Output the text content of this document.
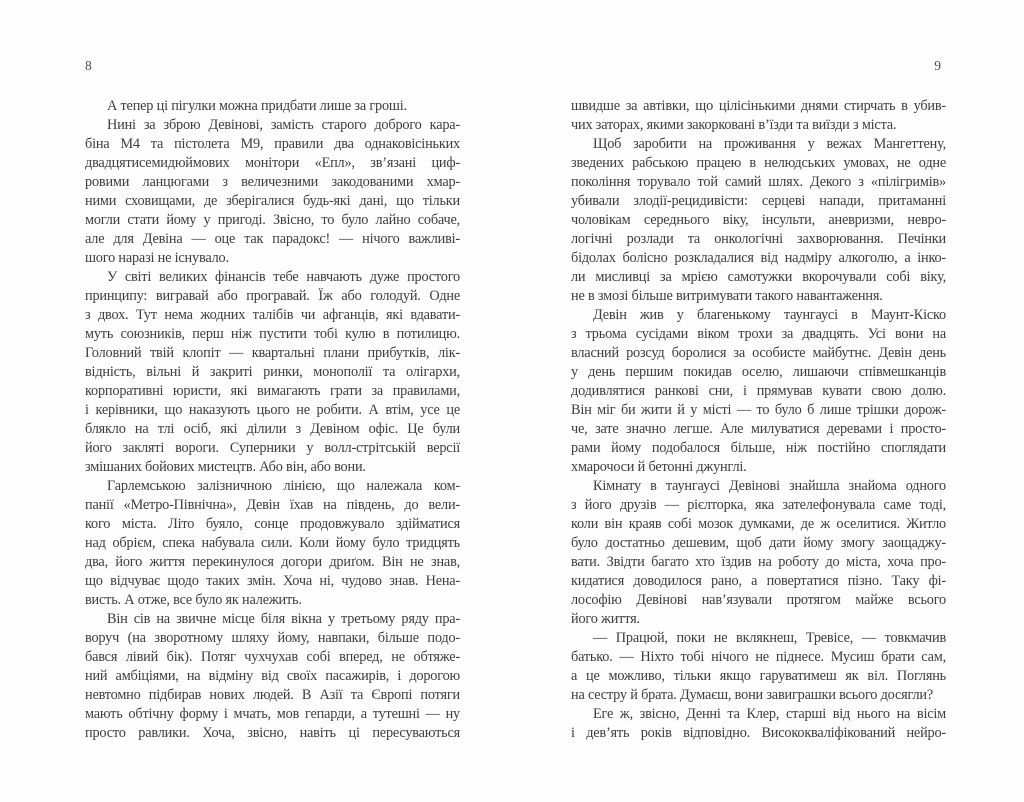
8
А тепер ці пігулки можна придбати лише за гроші.
Нині за зброю Девінові, замість старого доброго кара-
біна М4 та пістолета М9, правили два однаковісіньких
двадцятисемидюймових монітори «Епл», зв’язані циф-
ровими ланцюгами з величезними закодованими хмар-
ними сховищами, де зберігалися будь-які дані, що тільки
могли стати йому у пригоді. Звісно, то було лайно собаче,
але для Девіна — оце так парадокс! — нічого важливі-
шого наразі не існувало.
У світі великих фінансів тебе навчають дуже простого
принципу: вигравай або програвай. Їж або голодуй. Одне
з двох. Тут нема жодних талібів чи афганців, які вдавати-
муть союзників, перш ніж пустити тобі кулю в потилицю.
Головний твій клопіт — квартальні плани прибутків, лік-
відність, вільні й закриті ринки, монополії та олігархи,
корпоративні юристи, які вимагають грати за правилами,
і керівники, що наказують цього не робити. А втім, усе це
блякло на тлі осіб, які ділили з Девіном офіс. Це були
його закляті вороги. Суперники у волл-стрітській версії
змішаних бойових мистецтв. Або він, або вони.
Гарлемською залізничною лінією, що належала ком-
панії «Метро-Північна», Девін їхав на південь, до вели-
кого міста. Літо буяло, сонце продовжувало здійматися
над обрієм, спека набувала сили. Коли йому було тридцять
два, його життя перекинулося догори дриґом. Він не знав,
що відчуває щодо таких змін. Хоча ні, чудово знав. Нена-
висть. А отже, все було як належить.
Він сів на звичне місце біля вікна у третьому ряду пра-
воруч (на зворотному шляху йому, навпаки, більше подо-
бався лівий бік). Потяг чухчухав собі вперед, не обтяже-
ний амбіціями, на відміну від своїх пасажирів, і дорогою
невтомно підбирав нових людей. В Азії та Європі потяги
мають обтічну форму і мчать, мов гепарди, а тутешні — ну
просто равлики. Хоча, звісно, навіть ці пересуваються
9
швидше за автівки, що цілісінькими днями стирчать в убив-
чих заторах, якими закорковані в’їзди та виїзди з міста.
Щоб заробити на проживання у вежах Мангеттену,
зведених рабською працею в нелюдських умовах, не одне
покоління торувало той самий шлях. Декого з «пілігримів»
убивали злодії-рецидивісти: серцеві напади, притаманні
чоловікам середнього віку, інсульти, аневризми, невро-
логічні розлади та онкологічні захворювання. Печінки
бідолах болісно розкладалися від надміру алкоголю, а інко-
ли мисливці за мрією самотужки вкорочували собі віку,
не в змозі більше витримувати такого навантаження.
Девін жив у благенькому таунгаусі в Маунт-Кіско
з трьома сусідами віком трохи за двадцять. Усі вони на
власний розсуд боролися за особисте майбутнє. Девін день
у день першим покидав оселю, лишаючи співмешканців
додивлятися ранкові сни, і прямував кувати свою долю.
Він міг би жити й у місті — то було б лише трішки дорож-
че, зате значно легше. Але милуватися деревами і просто-
рами йому подобалося більше, ніж постійно споглядати
хмарочоси й бетонні джунглі.
Кімнату в таунгаусі Девінові знайшла знайома одного
з його друзів — рієлторка, яка зателефонувала саме тоді,
коли він краяв собі мозок думками, де ж оселитися. Житло
було достатньо дешевим, щоб дати йому змогу заощаджу-
вати. Звідти багато хто їздив на роботу до міста, хоча про-
кидатися доводилося рано, а повертатися пізно. Таку фі-
лософію Девінові нав’язували протягом майже всього
його життя.
— Працюй, поки не вклякнеш, Тревісе, — товкмачив
батько. — Ніхто тобі нічого не піднесе. Мусиш брати сам,
а це можливо, тільки якщо гаруватимеш як віл. Поглянь
на сестру й брата. Думаєш, вони завиграшки всього досягли?
Еге ж, звісно, Денні та Клер, старші від нього на вісім
і дев’ять років відповідно. Висококваліфікований нейро-
